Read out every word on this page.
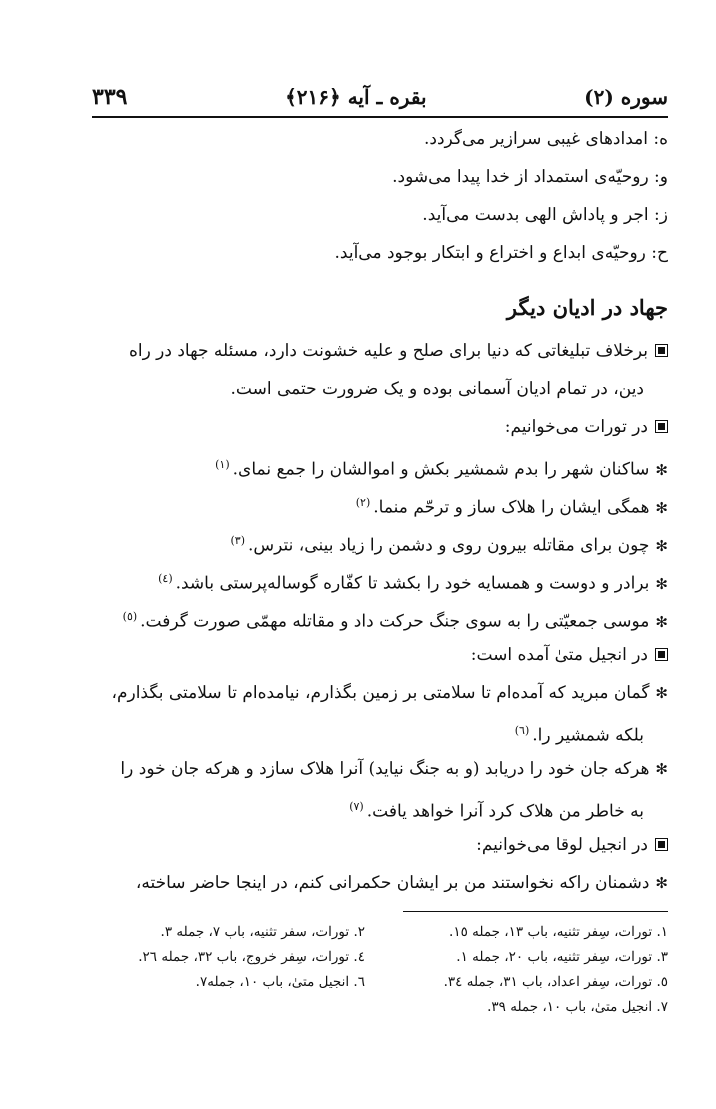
سوره (۲)
بقره ـ آیه ﴿۲۱۶﴾
۳۳۹
ه: امدادهای غیبی سرازیر می‌گردد.
و: روحیّه‌ی استمداد از خدا پیدا می‌شود.
ز: اجر و پاداش الهی بدست می‌آید.
ح: روحیّه‌ی ابداع و اختراع و ابتکار بوجود می‌آید.
جهاد در ادیان دیگر
برخلاف تبلیغاتی که دنیا برای صلح و علیه خشونت دارد، مسئله جهاد در راه
دین، در تمام ادیان آسمانی بوده و یک ضرورت حتمی است.
در تورات می‌خوانیم:
✻ساکنان شهر را بدم شمشیر بکش و اموالشان را جمع نمای.$^{(۱)}$
✻همگی ایشان را هلاک ساز و ترحّم منما.$^{(۲)}$
✻چون برای مقاتله بیرون روی و دشمن را زیاد بینی، نترس.$^{(۳)}$
✻برادر و دوست و همسایه خود را بکشد تا کفّاره گوساله‌پرستی باشد.$^{(٤)}$
✻موسی جمعیّتی را به سوی جنگ حرکت داد و مقاتله مهمّی صورت گرفت.$^{(٥)}$
در انجیل متیٰ آمده است:
✻گمان مبرید که آمده‌ام تا سلامتی بر زمین بگذارم، نیامده‌ام تا سلامتی بگذارم،
بلکه شمشیر را.$^{(٦)}$
✻هرکه جان خود را دریابد (و به جنگ نیاید) آنرا هلاک سازد و هرکه جان خود را
به خاطر من هلاک کرد آنرا خواهد یافت.$^{(۷)}$
در انجیل لوقا می‌خوانیم:
✻دشمنان راکه نخواستند من بر ایشان حکمرانی کنم، در اینجا حاضر ساخته،
۱. تورات، سِفر تثنیه، باب ۱۳، جمله ۱٥.
۲. تورات، سفر تثنیه، باب ۷، جمله ۳.
۳. تورات، سِفر تثنیه، باب ۲۰، جمله ۱.
٤. تورات، سِفر خروج، باب ۳۲، جمله ۲٦.
٥. تورات، سِفر اعداد، باب ۳۱، جمله ۳٤.
٦. انجیل متیٰ، باب ۱۰، جمله۷.
۷. انجیل متیٰ، باب ۱۰، جمله ۳۹.
